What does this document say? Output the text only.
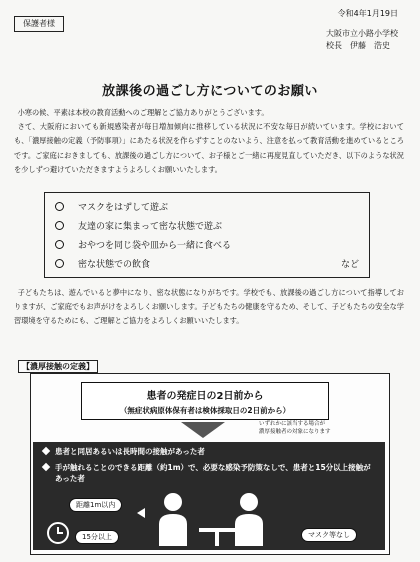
保護者様
令和4年1月19日
大阪市立小路小学校
校長　伊藤　浩史
放課後の過ごし方についてのお願い

小寒の候、平素は本校の教育活動へのご理解とご協力ありがとうございます。

さて、大阪府においても新規感染者が毎日増加傾向に推移している状況に不安な毎日が続いています。学校においても、「濃厚接触の定義（予防事項）」にあたる状況を作らずすことのないよう、注意を払って教育活動を進めているところです。ご家庭におきましても、放課後の過ごし方について、お子様とご一緒に再度見直していただき、以下のような状況を少しずつ避けていただきますようよろしくお願いいたします。

マスクをはずして遊ぶ
友達の家に集まって密な状態で遊ぶ
おやつを同じ袋や皿から一緒に食べる
密な状態での飲食	など

子どもたちは、遊んでいると夢中になり、密な状態になりがちです。学校でも、放課後の過ごし方について指導しておりますが、ご家庭でもお声がけをよろしくお願いします。子どもたちの健康を守るため、そして、子どもたちの安全な学習環境を守るためにも、ご理解とご協力をよろしくお願いいたします。

【濃厚接触の定義】
患者の発症日の2日前から
（無症状病原体保有者は検体採取日の2日前から）
いずれかに該当する場合が
濃厚接触者の対象になります
患者と同居あるいは長時間の接触があった者
手が触れることのできる距離（約1m）で、必要な感染予防策なしで、患者と15分以上接触があった者
距離1m以内
15分以上	マスク等なし
